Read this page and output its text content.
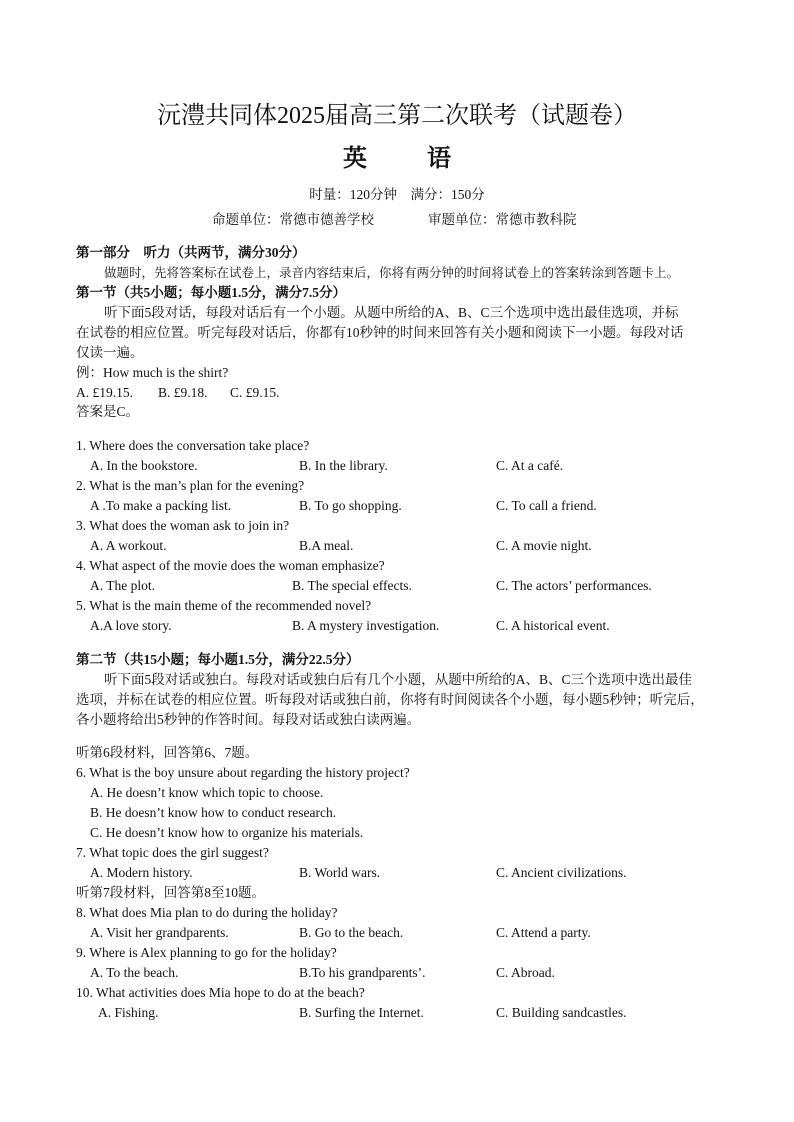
沅澧共同体2025届高三第二次联考（试题卷）
英　语
时量：120分钟　满分：150分
命题单位：常德市德善学校	审题单位：常德市教科院
第一部分　听力（共两节，满分30分）
做题时，先将答案标在试卷上，录音内容结束后，你将有两分钟的时间将试卷上的答案转涂到答题卡上。
第一节（共5小题；每小题1.5分，满分7.5分）
听下面5段对话，每段对话后有一个小题。从题中所给的A、B、C三个选项中选出最佳选项，并标
在试卷的相应位置。听完每段对话后，你都有10秒钟的时间来回答有关小题和阅读下一小题。每段对话
仅读一遍。
例：How much is the shirt?
A. £19.15. B. £9.18. C. £9.15.
答案是C。
1. Where does the conversation take place?
A. In the bookstore.	B. In the library.	C. At a café.
2. What is the man’s plan for the evening?
A .To make a packing list.	B. To go shopping.	C. To call a friend.
3. What does the woman ask to join in?
A. A workout.	B.A meal.	C. A movie night.
4. What aspect of the movie does the woman emphasize?
A. The plot.	B. The special effects.	C. The actors’ performances.
5. What is the main theme of the recommended novel?
A.A love story.	B. A mystery investigation.	C. A historical event.
第二节（共15小题；每小题1.5分，满分22.5分）
听下面5段对话或独白。每段对话或独白后有几个小题，从题中所给的A、B、C三个选项中选出最佳
选项，并标在试卷的相应位置。听每段对话或独白前，你将有时间阅读各个小题，每小题5秒钟；听完后，
各小题将给出5秒钟的作答时间。每段对话或独白读两遍。
听第6段材料，回答第6、7题。
6. What is the boy unsure about regarding the history project?
A. He doesn’t know which topic to choose.
B. He doesn’t know how to conduct research.
C. He doesn’t know how to organize his materials.
7. What topic does the girl suggest?
A. Modern history.	B. World wars.	C. Ancient civilizations.
听第7段材料，回答第8至10题。
8. What does Mia plan to do during the holiday?
A. Visit her grandparents.	B. Go to the beach.	C. Attend a party.
9. Where is Alex planning to go for the holiday?
A. To the beach.	B.To his grandparents’.	C. Abroad.
10. What activities does Mia hope to do at the beach?
A. Fishing.	B. Surfing the Internet.	C. Building sandcastles.
